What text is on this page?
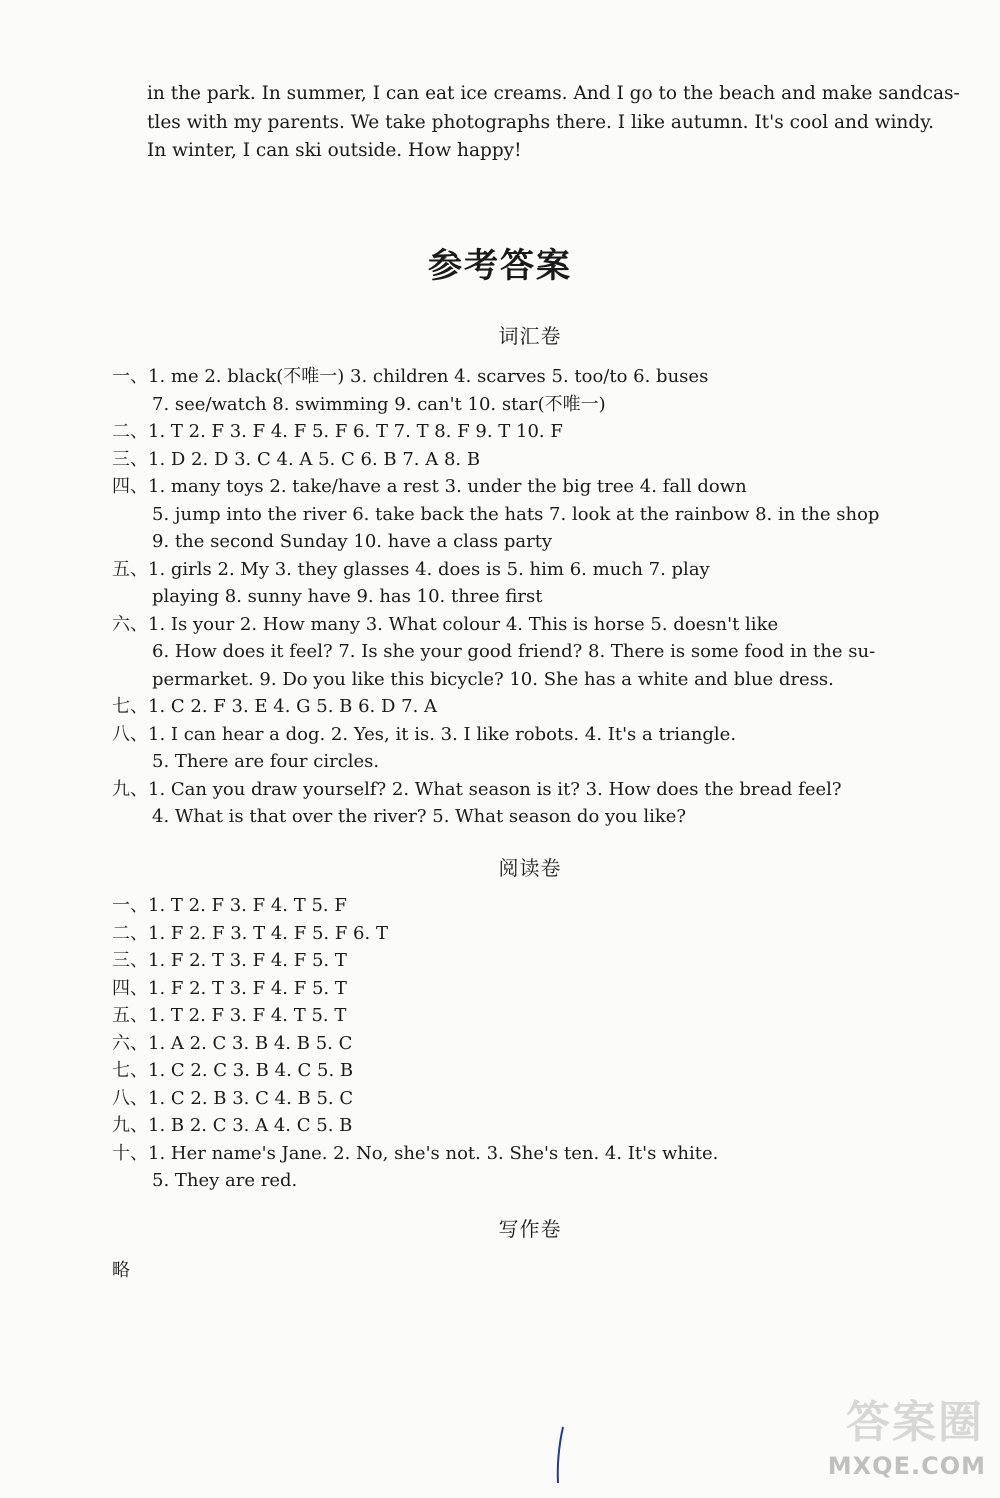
in the park. In summer, I can eat ice creams. And I go to the beach and make sandcas-
tles with my parents. We take photographs there. I like autumn. It's cool and windy.
In winter, I can ski outside. How happy!
参考答案
词汇卷
一、1. me 2. black(不唯一) 3. children 4. scarves 5. too/to 6. buses
7. see/watch 8. swimming 9. can't 10. star(不唯一)
二、1. T 2. F 3. F 4. F 5. F 6. T 7. T 8. F 9. T 10. F
三、1. D 2. D 3. C 4. A 5. C 6. B 7. A 8. B
四、1. many toys 2. take/have a rest 3. under the big tree 4. fall down
5. jump into the river 6. take back the hats 7. look at the rainbow 8. in the shop
9. the second Sunday 10. have a class party
五、1. girls 2. My 3. they glasses 4. does is 5. him 6. much 7. play
playing 8. sunny have 9. has 10. three first
六、1. Is your 2. How many 3. What colour 4. This is horse 5. doesn't like
6. How does it feel? 7. Is she your good friend? 8. There is some food in the su-
permarket. 9. Do you like this bicycle? 10. She has a white and blue dress.
七、1. C 2. F 3. E 4. G 5. B 6. D 7. A
八、1. I can hear a dog. 2. Yes, it is. 3. I like robots. 4. It's a triangle.
5. There are four circles.
九、1. Can you draw yourself? 2. What season is it? 3. How does the bread feel?
4. What is that over the river? 5. What season do you like?
阅读卷
一、1. T 2. F 3. F 4. T 5. F
二、1. F 2. F 3. T 4. F 5. F 6. T
三、1. F 2. T 3. F 4. F 5. T
四、1. F 2. T 3. F 4. F 5. T
五、1. T 2. F 3. F 4. T 5. T
六、1. A 2. C 3. B 4. B 5. C
七、1. C 2. C 3. B 4. C 5. B
八、1. C 2. B 3. C 4. B 5. C
九、1. B 2. C 3. A 4. C 5. B
十、1. Her name's Jane. 2. No, she's not. 3. She's ten. 4. It's white.
5. They are red.
写作卷
略
答案圈
MXQE.COM
